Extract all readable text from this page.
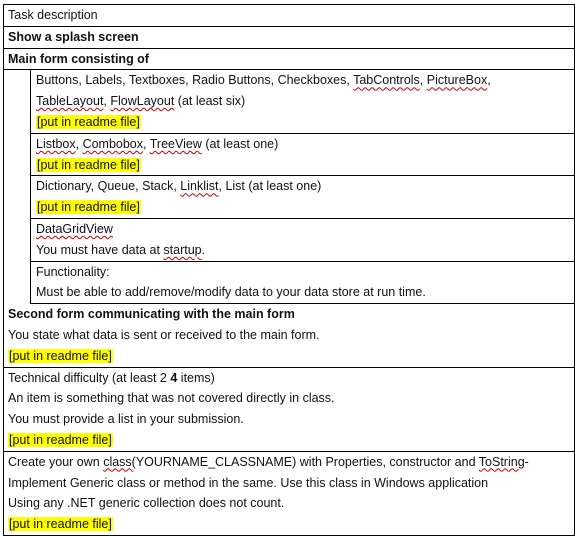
Task description
Show a splash screen
Main form consisting of
Buttons, Labels, Textboxes, Radio Buttons, Checkboxes, TabControls, PictureBox,
TableLayout, FlowLayout (at least six)
[put in readme file]
Listbox, Combobox, TreeView (at least one)
[put in readme file]
Dictionary, Queue, Stack, Linklist, List (at least one)
[put in readme file]
DataGridView
You must have data at startup.
Functionality:
Must be able to add/remove/modify data to your data store at run time.
Second form communicating with the main form
You state what data is sent or received to the main form.
[put in readme file]
Technical difficulty (at least 2 4 items)
An item is something that was not covered directly in class.
You must provide a list in your submission.
[put in readme file]
Create your own class(YOURNAME_CLASSNAME) with Properties, constructor and ToString-
Implement Generic class or method in the same. Use this class in Windows application
Using any .NET generic collection does not count.
[put in readme file]
